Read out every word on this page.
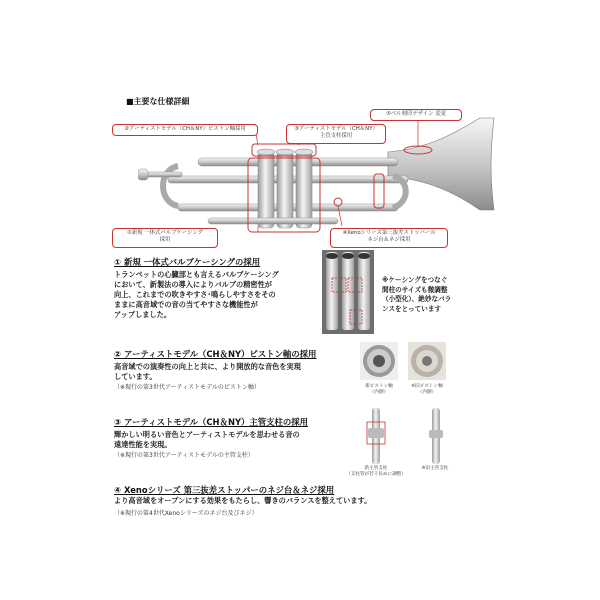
■主要な仕様詳細
⑤ベル刻印デザイン 変更
②アーティストモデル（CH＆NY）ピストン軸採用	③アーティストモデル（CH＆NY）
主管支柱採用
①新規 一体式バルブケーシング
採用
④Xenoシリーズ第三抜差ストッパーの
ネジ台＆ネジ採用
① 新規 一体式バルブケーシングの採用
トランペットの心臓部とも言えるバルブケーシング
において、新製法の導入によりバルブの精密性が
向上、これまでの吹きやすさ･鳴らしやすさをその
ままに高音域での音の当てやすさな機能性が
アップしました。
※ケーシングをつなぐ
間柱のサイズも微調整
（小型化）、絶妙なバラ
ンスをとっています
② アーティストモデル（CH＆NY）ピストン軸の採用
高音域での演奏性の向上と共に、より開放的な音色を実現
しています。
（※現行の第3世代アーティストモデルのピストン軸）	新ピストン軸
（内側）
※旧ピストン軸
（内側）
③ アーティストモデル（CH＆NY）主管支柱の採用
輝かしい明るい音色とアーティストモデルを思わせる音の
遠達性能を実現。
（※現行の第3世代アーティストモデルの主管支柱）
新主管支柱
（支柱管が若干長めに調整）
※旧主管支柱
④ Xenoシリーズ 第三抜差ストッパーのネジ台＆ネジ採用
より高音域をオープンにする効果をもたらし、響きのバランスを整えています。
（※現行の第4世代Xenoシリーズのネジ台及びネジ）
